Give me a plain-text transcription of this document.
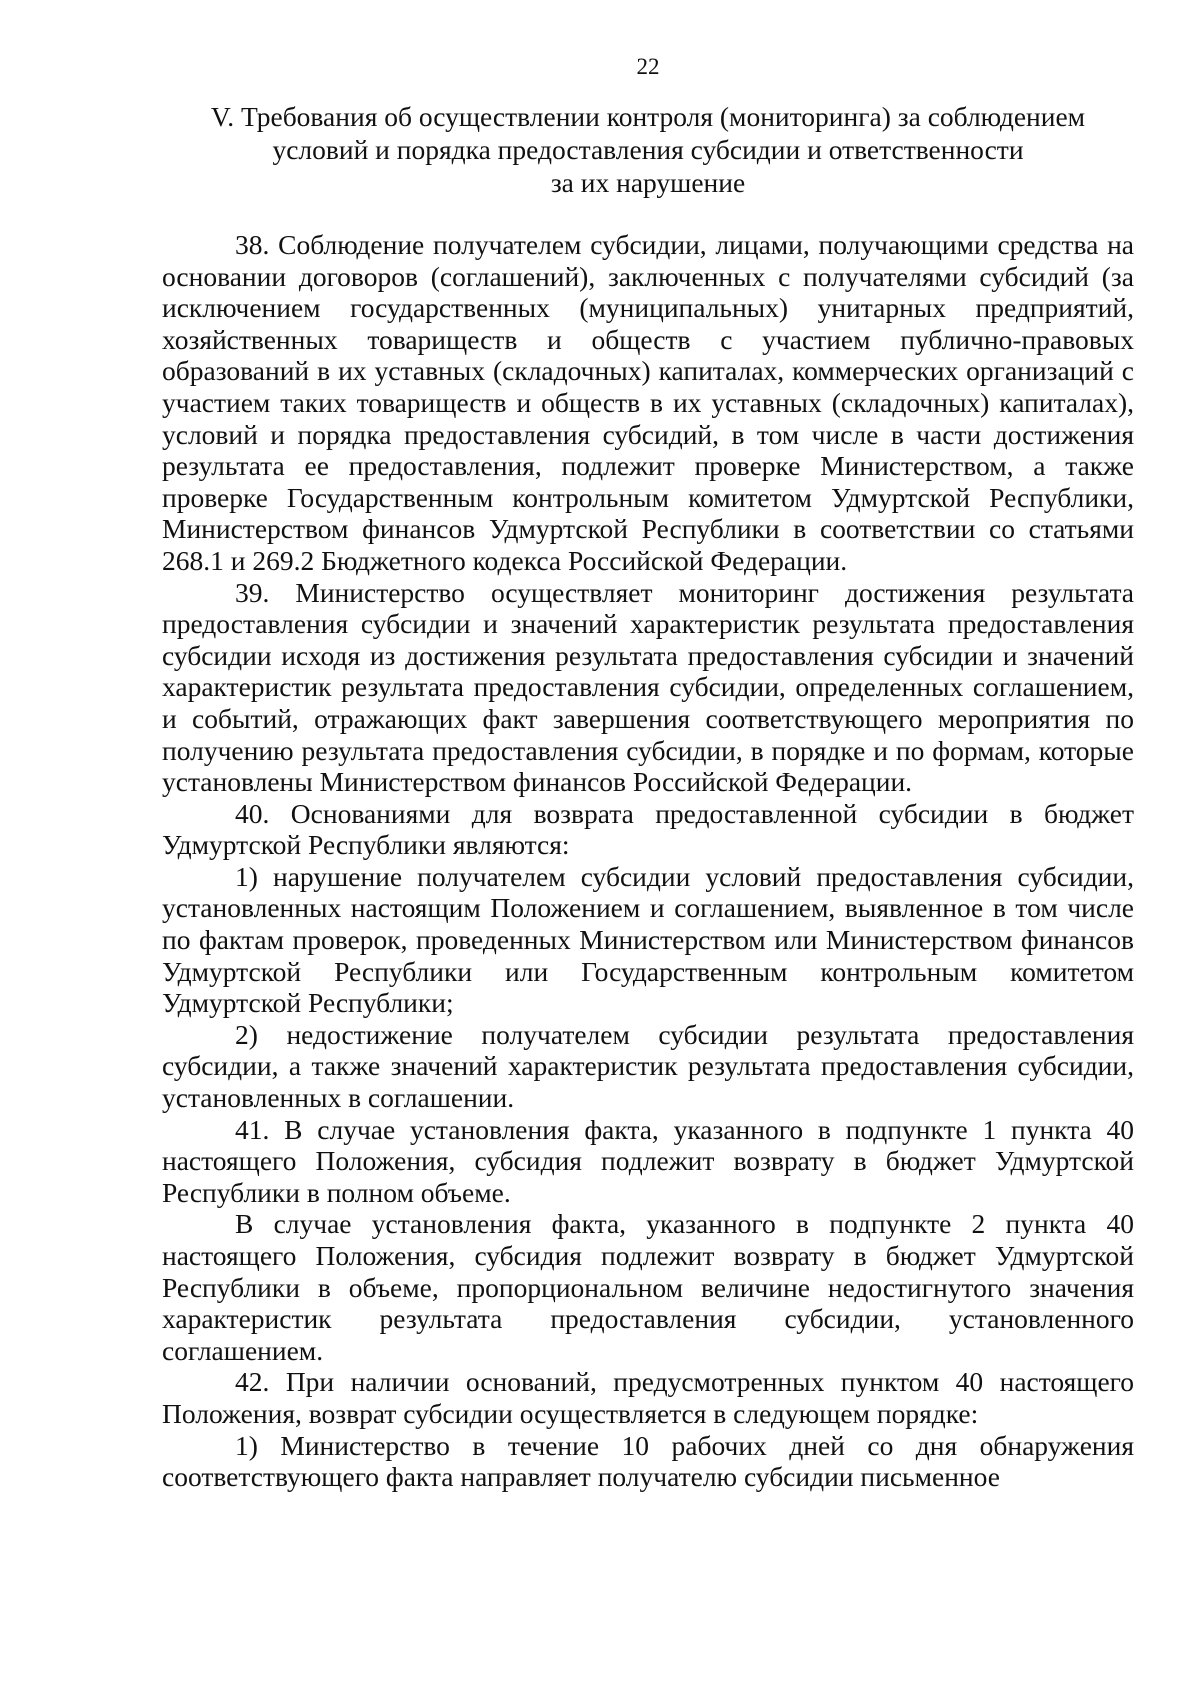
22
V. Требования об осуществлении контроля (мониторинга) за соблюдением
условий и порядка предоставления субсидии и ответственности
за их нарушение

38. Соблюдение получателем субсидии, лицами, получающими средства на основании договоров (соглашений), заключенных с получателями субсидий (за исключением государственных (муниципальных) унитарных предприятий, хозяйственных товариществ и обществ с участием публично-правовых образований в их уставных (складочных) капиталах, коммерческих организаций с участием таких товариществ и обществ в их уставных (складочных) капиталах), условий и порядка предоставления субсидий, в том числе в части достижения результата ее предоставления, подлежит проверке Министерством, а также проверке Государственным контрольным комитетом Удмуртской Республики, Министерством финансов Удмуртской Республики в соответствии со статьями 268.1 и 269.2 Бюджетного кодекса Российской Федерации.

39. Министерство осуществляет мониторинг достижения результата предоставления субсидии и значений характеристик результата предоставления субсидии исходя из достижения результата предоставления субсидии и значений характеристик результата предоставления субсидии, определенных соглашением, и событий, отражающих факт завершения соответствующего мероприятия по получению результата предоставления субсидии, в порядке и по формам, которые установлены Министерством финансов Российской Федерации.

40. Основаниями для возврата предоставленной субсидии в бюджет Удмуртской Республики являются:

1) нарушение получателем субсидии условий предоставления субсидии, установленных настоящим Положением и соглашением, выявленное в том числе по фактам проверок, проведенных Министерством или Министерством финансов Удмуртской Республики или Государственным контрольным комитетом Удмуртской Республики;

2) недостижение получателем субсидии результата предоставления субсидии, а также значений характеристик результата предоставления субсидии, установленных в соглашении.

41. В случае установления факта, указанного в подпункте 1 пункта 40 настоящего Положения, субсидия подлежит возврату в бюджет Удмуртской Республики в полном объеме.

В случае установления факта, указанного в подпункте 2 пункта 40 настоящего Положения, субсидия подлежит возврату в бюджет Удмуртской Республики в объеме, пропорциональном величине недостигнутого значения характеристик результата предоставления субсидии, установленного соглашением.

42. При наличии оснований, предусмотренных пунктом 40 настоящего Положения, возврат субсидии осуществляется в следующем порядке:

1) Министерство в течение 10 рабочих дней со дня обнаружения соответствующего факта направляет получателю субсидии письменное
